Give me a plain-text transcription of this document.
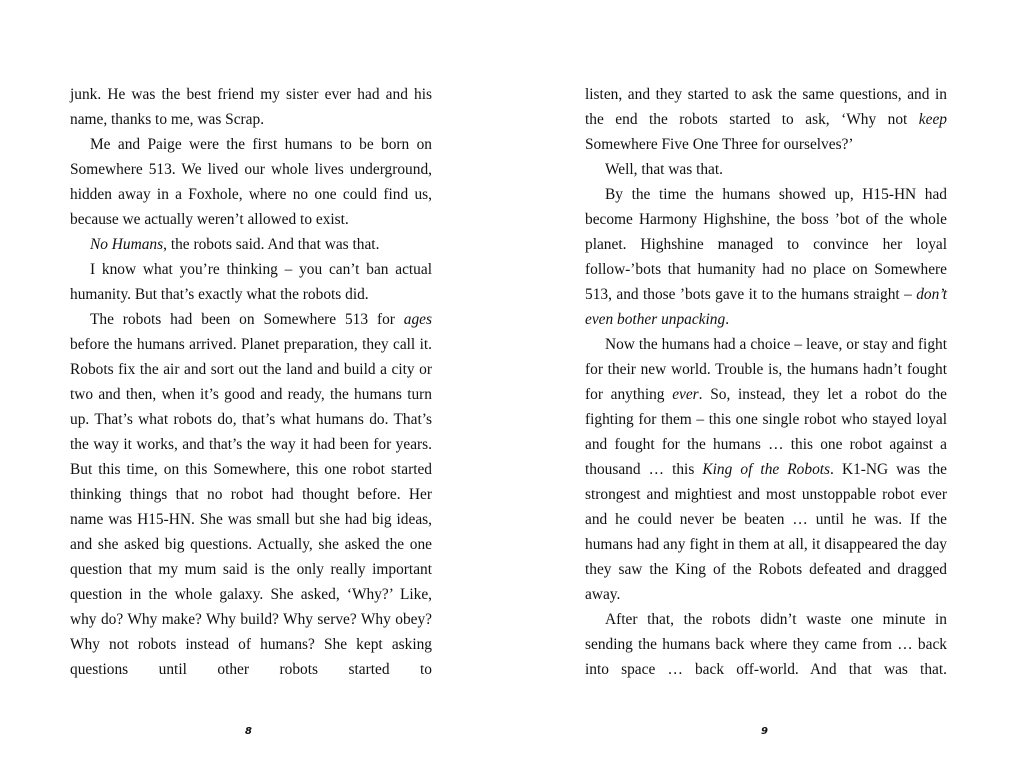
junk. He was the best friend my sister ever had and his name, thanks to me, was Scrap.

Me and Paige were the first humans to be born on Somewhere 513. We lived our whole lives underground, hidden away in a Foxhole, where no one could find us, because we actually weren’t allowed to exist.

No Humans, the robots said. And that was that.

I know what you’re thinking – you can’t ban actual humanity. But that’s exactly what the robots did.

The robots had been on Somewhere 513 for ages before the humans arrived. Planet preparation, they call it. Robots fix the air and sort out the land and build a city or two and then, when it’s good and ready, the humans turn up. That’s what robots do, that’s what humans do. That’s the way it works, and that’s the way it had been for years. But this time, on this Somewhere, this one robot started thinking things that no robot had thought before. Her name was H15-HN. She was small but she had big ideas, and she asked big questions. Actually, she asked the one question that my mum said is the only really important question in the whole galaxy. She asked, ‘Why?’ Like, why do? Why make? Why build? Why serve? Why obey? Why not robots instead of humans? She kept asking questions until other robots started to

listen, and they started to ask the same questions, and in the end the robots started to ask, ‘Why not keep Somewhere Five One Three for ourselves?’

Well, that was that.

By the time the humans showed up, H15-HN had become Harmony Highshine, the boss ’bot of the whole planet. Highshine managed to convince her loyal follow-’bots that humanity had no place on Somewhere 513, and those ’bots gave it to the humans straight – don’t even bother unpacking.

Now the humans had a choice – leave, or stay and fight for their new world. Trouble is, the humans hadn’t fought for anything ever. So, instead, they let a robot do the fighting for them – this one single robot who stayed loyal and fought for the humans … this one robot against a thousand … this King of the Robots. K1-NG was the strongest and mightiest and most unstoppable robot ever and he could never be beaten … until he was. If the humans had any fight in them at all, it disappeared the day they saw the King of the Robots defeated and dragged away.

After that, the robots didn’t waste one minute in sending the humans back where they came from … back into space … back off-world. And that was that.

8	9
